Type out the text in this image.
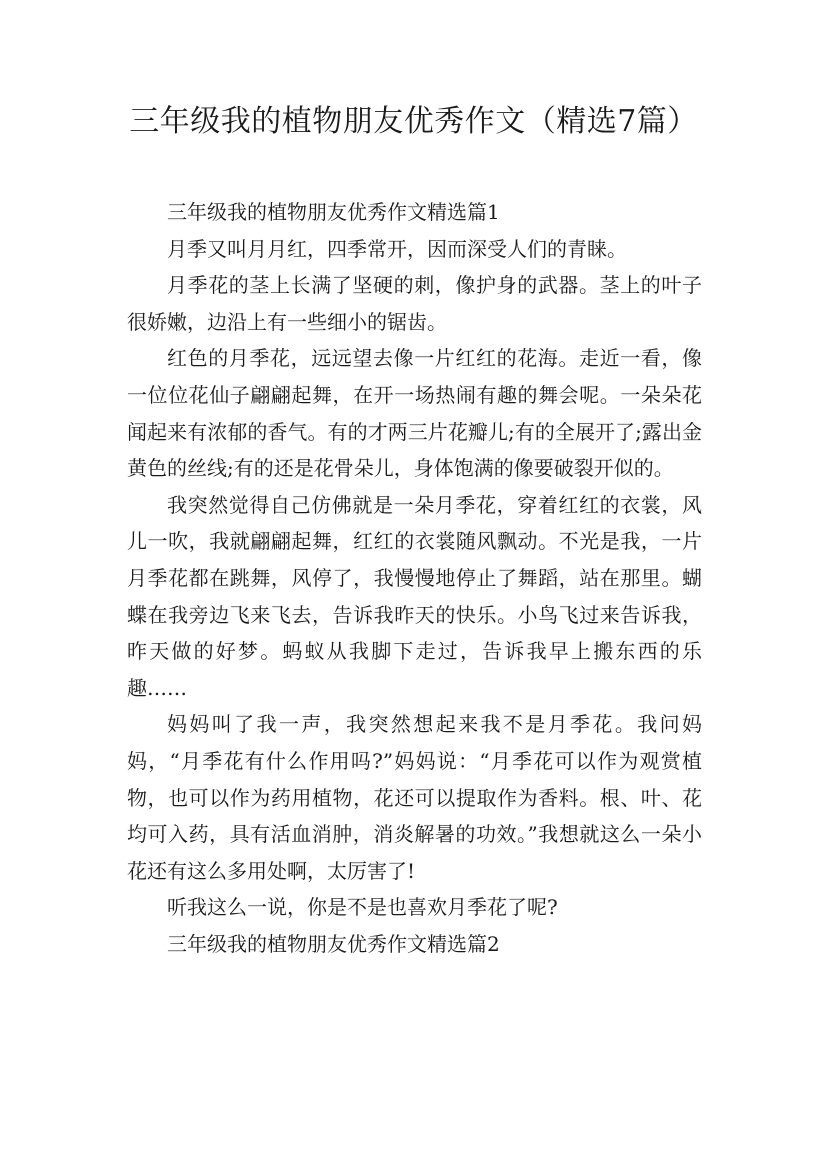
三年级我的植物朋友优秀作文（精选7篇）

三年级我的植物朋友优秀作文精选篇1

月季又叫月月红，四季常开，因而深受人们的青睐。

月季花的茎上长满了坚硬的刺，像护身的武器。茎上的叶子很娇嫩，边沿上有一些细小的锯齿。

红色的月季花，远远望去像一片红红的花海。走近一看，像一位位花仙子翩翩起舞，在开一场热闹有趣的舞会呢。一朵朵花闻起来有浓郁的香气。有的才两三片花瓣儿;有的全展开了;露出金黄色的丝线;有的还是花骨朵儿，身体饱满的像要破裂开似的。

我突然觉得自己仿佛就是一朵月季花，穿着红红的衣裳，风儿一吹，我就翩翩起舞，红红的衣裳随风飘动。不光是我，一片月季花都在跳舞，风停了，我慢慢地停止了舞蹈，站在那里。蝴蝶在我旁边飞来飞去，告诉我昨天的快乐。小鸟飞过来告诉我，昨天做的好梦。蚂蚁从我脚下走过，告诉我早上搬东西的乐趣……

妈妈叫了我一声，我突然想起来我不是月季花。我问妈妈，“月季花有什么作用吗?”妈妈说：“月季花可以作为观赏植物，也可以作为药用植物，花还可以提取作为香料。根、叶、花均可入药，具有活血消肿，消炎解暑的功效。”我想就这么一朵小花还有这么多用处啊，太厉害了!

听我这么一说，你是不是也喜欢月季花了呢?

三年级我的植物朋友优秀作文精选篇2
